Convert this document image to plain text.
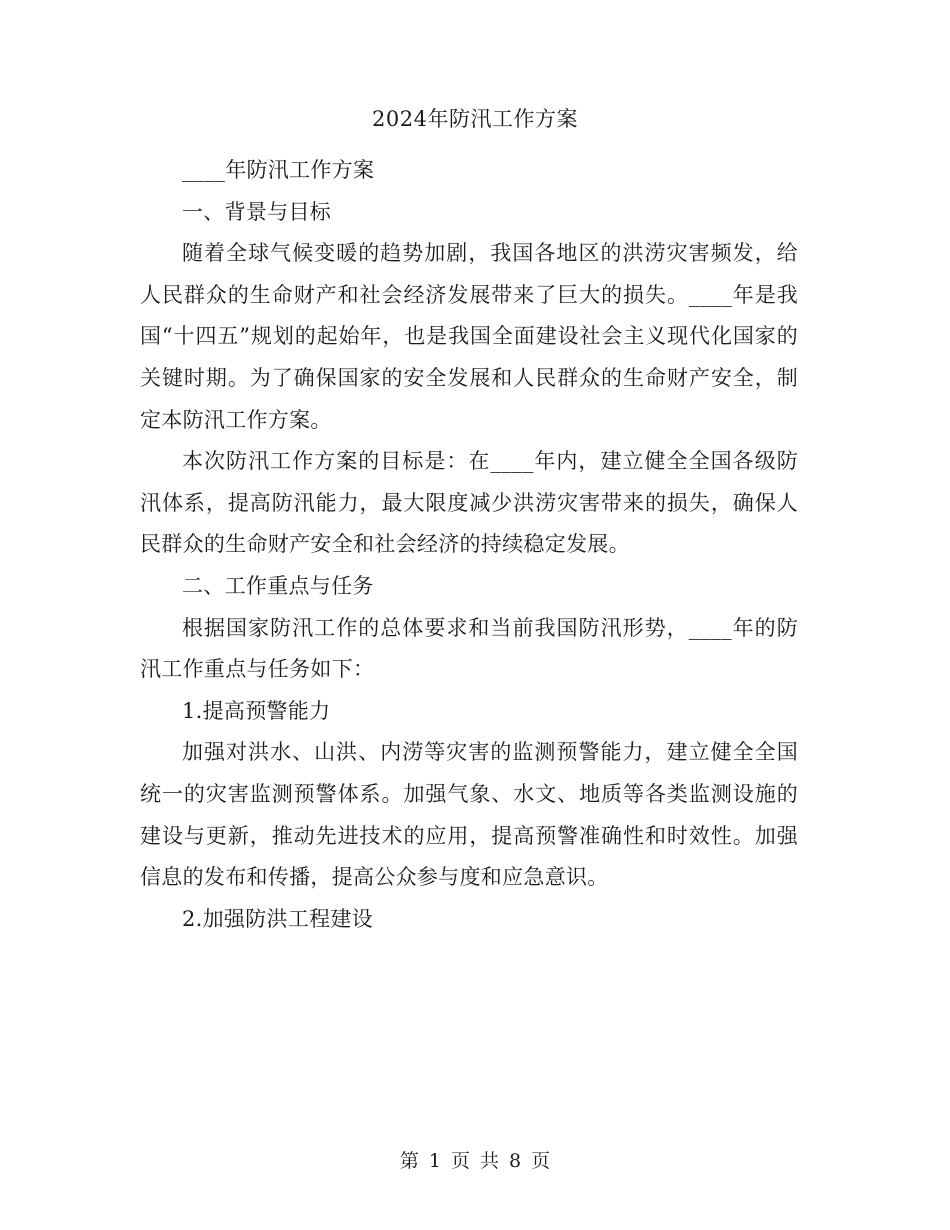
2024年防汛工作方案

____年防汛工作方案

一、背景与目标

随着全球气候变暖的趋势加剧，我国各地区的洪涝灾害频发，给人民群众的生命财产和社会经济发展带来了巨大的损失。____年是我国“十四五”规划的起始年，也是我国全面建设社会主义现代化国家的关键时期。为了确保国家的安全发展和人民群众的生命财产安全，制定本防汛工作方案。

本次防汛工作方案的目标是：在____年内，建立健全全国各级防汛体系，提高防汛能力，最大限度减少洪涝灾害带来的损失，确保人民群众的生命财产安全和社会经济的持续稳定发展。

二、工作重点与任务

根据国家防汛工作的总体要求和当前我国防汛形势，____年的防汛工作重点与任务如下：

1.提高预警能力

加强对洪水、山洪、内涝等灾害的监测预警能力，建立健全全国统一的灾害监测预警体系。加强气象、水文、地质等各类监测设施的建设与更新，推动先进技术的应用，提高预警准确性和时效性。加强信息的发布和传播，提高公众参与度和应急意识。

2.加强防洪工程建设

第 1 页 共 8 页
